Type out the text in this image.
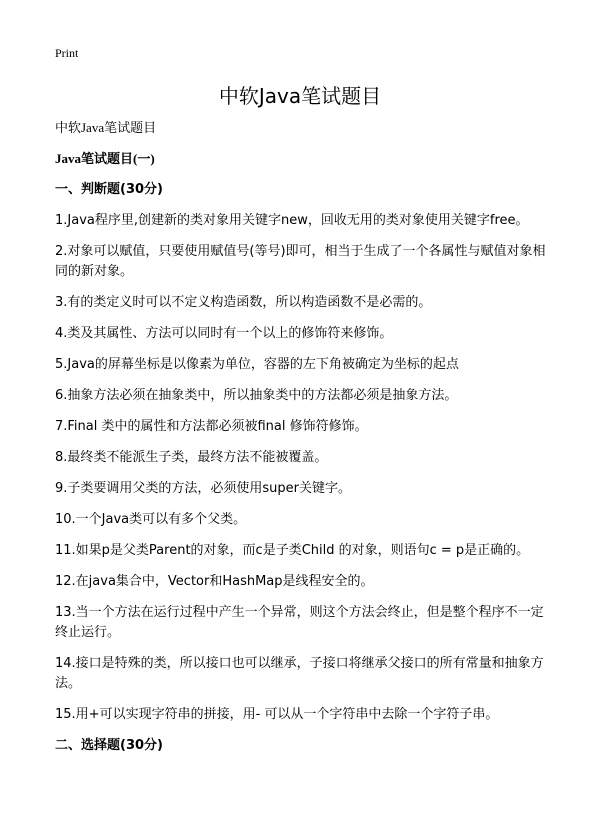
Print
中软Java笔试题目
中软Java笔试题目
Java笔试题目(一)
一、判断题(30分)
1.Java程序里,创建新的类对象用关键字new，回收无用的类对象使用关键字free。
2.对象可以赋值，只要使用赋值号(等号)即可，相当于生成了一个各属性与赋值对象相同的新对象。
3.有的类定义时可以不定义构造函数，所以构造函数不是必需的。
4.类及其属性、方法可以同时有一个以上的修饰符来修饰。
5.Java的屏幕坐标是以像素为单位，容器的左下角被确定为坐标的起点
6.抽象方法必须在抽象类中，所以抽象类中的方法都必须是抽象方法。
7.Final 类中的属性和方法都必须被final 修饰符修饰。
8.最终类不能派生子类，最终方法不能被覆盖。
9.子类要调用父类的方法，必须使用super关键字。
10.一个Java类可以有多个父类。
11.如果p是父类Parent的对象，而c是子类Child 的对象，则语句c = p是正确的。
12.在java集合中，Vector和HashMap是线程安全的。
13.当一个方法在运行过程中产生一个异常，则这个方法会终止，但是整个程序不一定终止运行。
14.接口是特殊的类，所以接口也可以继承，子接口将继承父接口的所有常量和抽象方法。
15.用+可以实现字符串的拼接，用- 可以从一个字符串中去除一个字符子串。
二、选择题(30分)
